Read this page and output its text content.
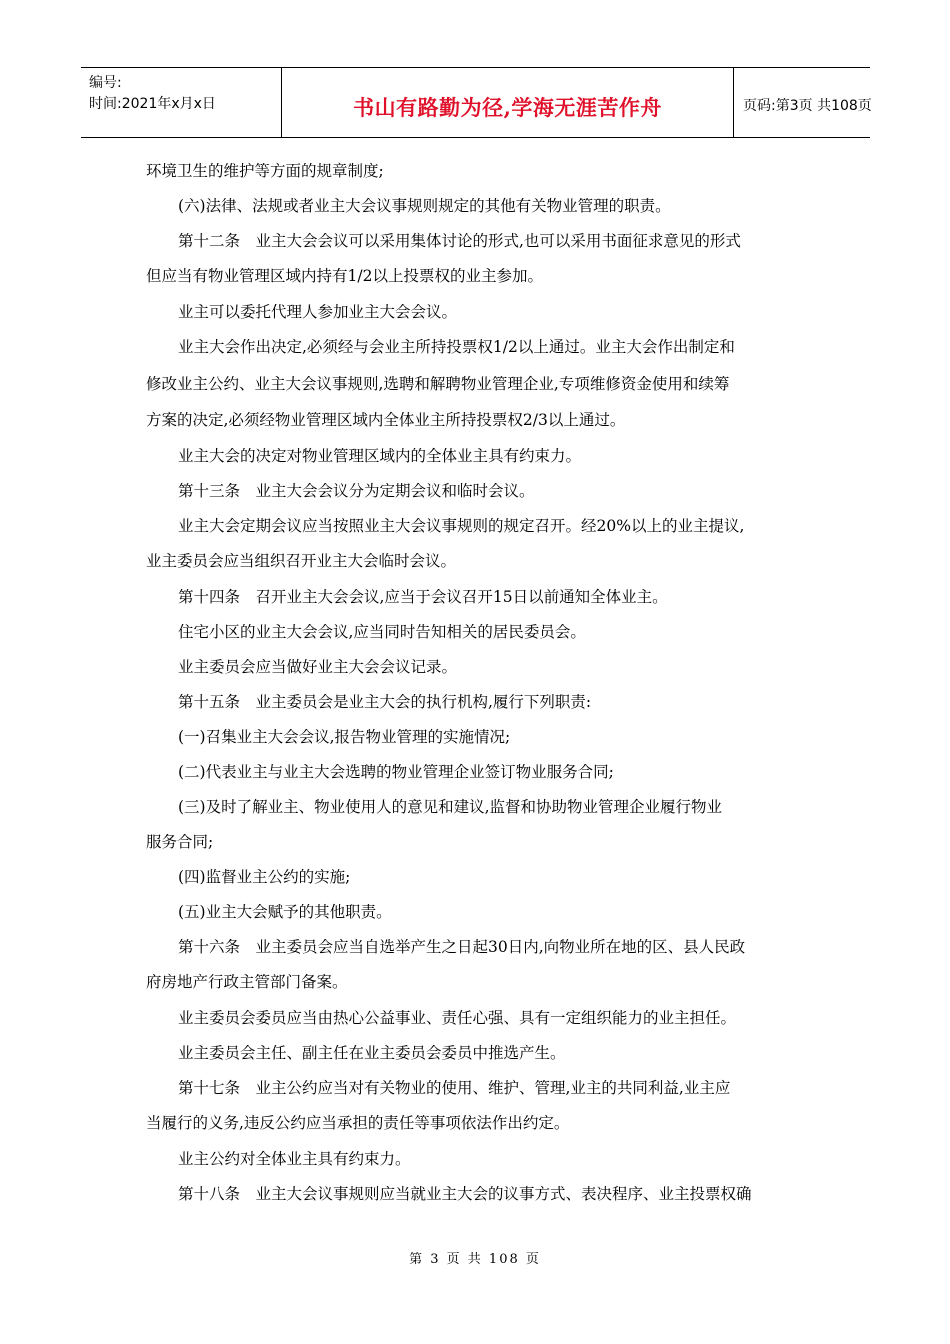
编号:
时间:2021年x月x日	书山有路勤为径,学海无涯苦作舟	页码:第3页 共108页
环境卫生的维护等方面的规章制度;
(六)法律、法规或者业主大会议事规则规定的其他有关物业管理的职责。
第十二条　业主大会会议可以采用集体讨论的形式,也可以采用书面征求意见的形式
但应当有物业管理区域内持有1/2以上投票权的业主参加。
业主可以委托代理人参加业主大会会议。
业主大会作出决定,必须经与会业主所持投票权1/2以上通过。业主大会作出制定和
修改业主公约、业主大会议事规则,选聘和解聘物业管理企业,专项维修资金使用和续筹
方案的决定,必须经物业管理区域内全体业主所持投票权2/3以上通过。
业主大会的决定对物业管理区域内的全体业主具有约束力。
第十三条　业主大会会议分为定期会议和临时会议。
业主大会定期会议应当按照业主大会议事规则的规定召开。经20%以上的业主提议,
业主委员会应当组织召开业主大会临时会议。
第十四条　召开业主大会会议,应当于会议召开15日以前通知全体业主。
住宅小区的业主大会会议,应当同时告知相关的居民委员会。
业主委员会应当做好业主大会会议记录。
第十五条　业主委员会是业主大会的执行机构,履行下列职责:
(一)召集业主大会会议,报告物业管理的实施情况;
(二)代表业主与业主大会选聘的物业管理企业签订物业服务合同;
(三)及时了解业主、物业使用人的意见和建议,监督和协助物业管理企业履行物业
服务合同;
(四)监督业主公约的实施;
(五)业主大会赋予的其他职责。
第十六条　业主委员会应当自选举产生之日起30日内,向物业所在地的区、县人民政
府房地产行政主管部门备案。
业主委员会委员应当由热心公益事业、责任心强、具有一定组织能力的业主担任。
业主委员会主任、副主任在业主委员会委员中推选产生。
第十七条　业主公约应当对有关物业的使用、维护、管理,业主的共同利益,业主应
当履行的义务,违反公约应当承担的责任等事项依法作出约定。
业主公约对全体业主具有约束力。
第十八条　业主大会议事规则应当就业主大会的议事方式、表决程序、业主投票权确
第 3 页 共 108 页
